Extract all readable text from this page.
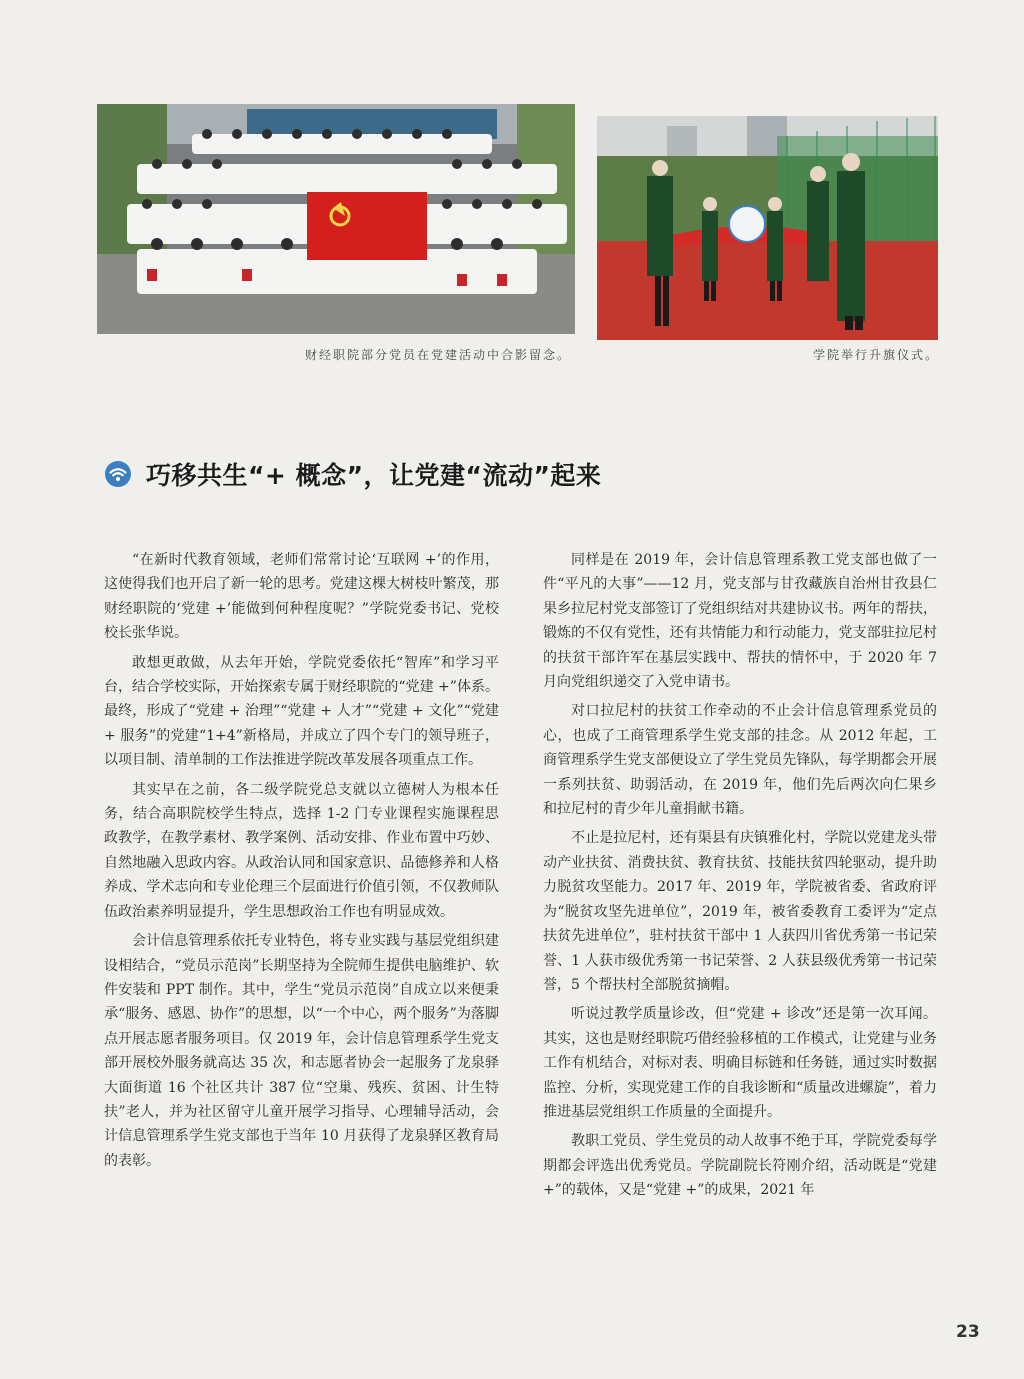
财经职院部分党员在党建活动中合影留念。	学院举行升旗仪式。
巧移共生“+ 概念”，让党建“流动”起来

“在新时代教育领域，老师们常常讨论‘互联网 +’的作用，这使得我们也开启了新一轮的思考。党建这棵大树枝叶繁茂，那财经职院的‘党建 +’能做到何种程度呢？”学院党委书记、党校校长张华说。

敢想更敢做，从去年开始，学院党委依托“智库”和学习平台，结合学校实际，开始探索专属于财经职院的“党建 +”体系。最终，形成了“党建 + 治理”“党建 + 人才”“党建 + 文化”“党建 + 服务”的党建“1+4”新格局，并成立了四个专门的领导班子，以项目制、清单制的工作法推进学院改革发展各项重点工作。

其实早在之前，各二级学院党总支就以立德树人为根本任务，结合高职院校学生特点，选择 1-2 门专业课程实施课程思政教学，在教学素材、教学案例、活动安排、作业布置中巧妙、自然地融入思政内容。从政治认同和国家意识、品德修养和人格养成、学术志向和专业伦理三个层面进行价值引领，不仅教师队伍政治素养明显提升，学生思想政治工作也有明显成效。

会计信息管理系依托专业特色，将专业实践与基层党组织建设相结合，“党员示范岗”长期坚持为全院师生提供电脑维护、软件安装和 PPT 制作。其中，学生“党员示范岗”自成立以来便秉承“服务、感恩、协作”的思想，以“一个中心，两个服务”为落脚点开展志愿者服务项目。仅 2019 年，会计信息管理系学生党支部开展校外服务就高达 35 次，和志愿者协会一起服务了龙泉驿大面街道 16 个社区共计 387 位“空巢、残疾、贫困、计生特扶”老人，并为社区留守儿童开展学习指导、心理辅导活动，会计信息管理系学生党支部也于当年 10 月获得了龙泉驿区教育局的表彰。

同样是在 2019 年，会计信息管理系教工党支部也做了一件“平凡的大事”——12 月，党支部与甘孜藏族自治州甘孜县仁果乡拉尼村党支部签订了党组织结对共建协议书。两年的帮扶，锻炼的不仅有党性，还有共情能力和行动能力，党支部驻拉尼村的扶贫干部许军在基层实践中、帮扶的情怀中，于 2020 年 7 月向党组织递交了入党申请书。

对口拉尼村的扶贫工作牵动的不止会计信息管理系党员的心，也成了工商管理系学生党支部的挂念。从 2012 年起，工商管理系学生党支部便设立了学生党员先锋队，每学期都会开展一系列扶贫、助弱活动，在 2019 年，他们先后两次向仁果乡和拉尼村的青少年儿童捐献书籍。

不止是拉尼村，还有渠县有庆镇雅化村，学院以党建龙头带动产业扶贫、消费扶贫、教育扶贫、技能扶贫四轮驱动，提升助力脱贫攻坚能力。2017 年、2019 年，学院被省委、省政府评为“脱贫攻坚先进单位”，2019 年，被省委教育工委评为“定点扶贫先进单位”，驻村扶贫干部中 1 人获四川省优秀第一书记荣誉、1 人获市级优秀第一书记荣誉、2 人获县级优秀第一书记荣誉，5 个帮扶村全部脱贫摘帽。

听说过教学质量诊改，但“党建 + 诊改”还是第一次耳闻。其实，这也是财经职院巧借经验移植的工作模式，让党建与业务工作有机结合，对标对表、明确目标链和任务链，通过实时数据监控、分析，实现党建工作的自我诊断和“质量改进螺旋”，着力推进基层党组织工作质量的全面提升。

教职工党员、学生党员的动人故事不绝于耳，学院党委每学期都会评选出优秀党员。学院副院长符刚介绍，活动既是“党建 +”的载体，又是“党建 +”的成果，2021 年

23
